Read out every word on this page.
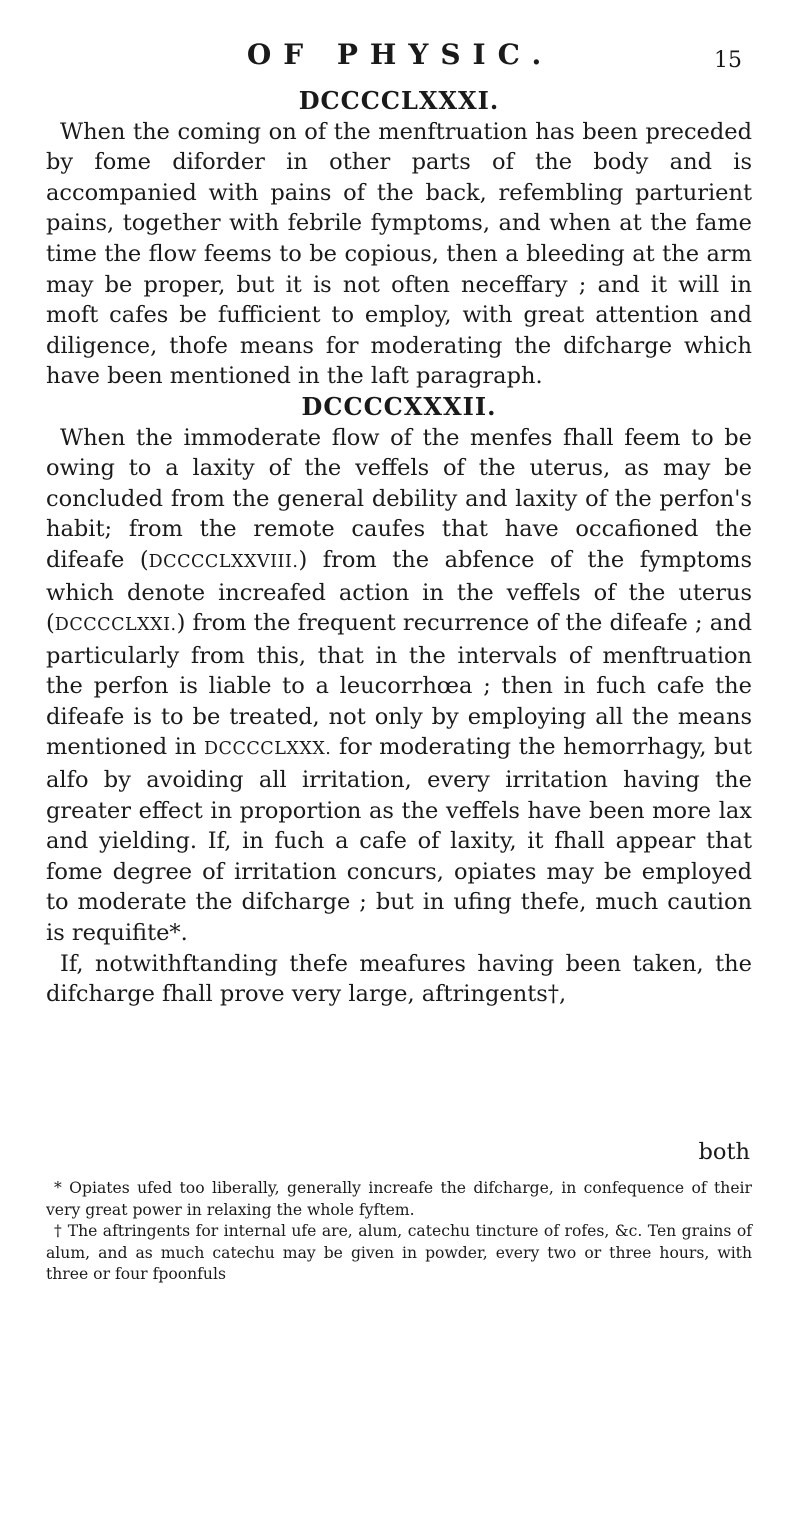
OF PHYSIC.	15
DCCCCLXXXI.

When the coming on of the menftruation has been preceded by fome diforder in other parts of the body and is accompanied with pains of the back, refembling parturient pains, together with febrile fymptoms, and when at the fame time the flow feems to be copious, then a bleeding at the arm may be proper, but it is not often neceffary ; and it will in moft cafes be fufficient to employ, with great attention and diligence, thofe means for moderating the difcharge which have been mentioned in the laft paragraph.

DCCCCXXXII.

When the immoderate flow of the menfes fhall feem to be owing to a laxity of the veffels of the uterus, as may be concluded from the general debility and laxity of the perfon's habit; from the remote caufes that have occafioned the difeafe (DCCCCLXXVIII.) from the abfence of the fymptoms which denote increafed action in the veffels of the uterus (DCCCCLXXI.) from the frequent recurrence of the difeafe ; and particularly from this, that in the intervals of menftruation the perfon is liable to a leucorrhœa ; then in fuch cafe the difeafe is to be treated, not only by employing all the means mentioned in DCCCCLXXX. for moderating the hemorrhagy, but alfo by avoiding all irritation, every irritation having the greater effect in proportion as the veffels have been more lax and yielding. If, in fuch a cafe of laxity, it fhall appear that fome degree of irritation concurs, opiates may be employed to moderate the difcharge ; but in ufing thefe, much caution is requifite*.

If, notwithftanding thefe meafures having been taken, the difcharge fhall prove very large, aftringents†,

both

* Opiates ufed too liberally, generally increafe the difcharge, in confequence of their very great power in relaxing the whole fyftem.

† The aftringents for internal ufe are, alum, catechu tincture of rofes, &c. Ten grains of alum, and as much catechu may be given in powder, every two or three hours, with three or four fpoonfuls
